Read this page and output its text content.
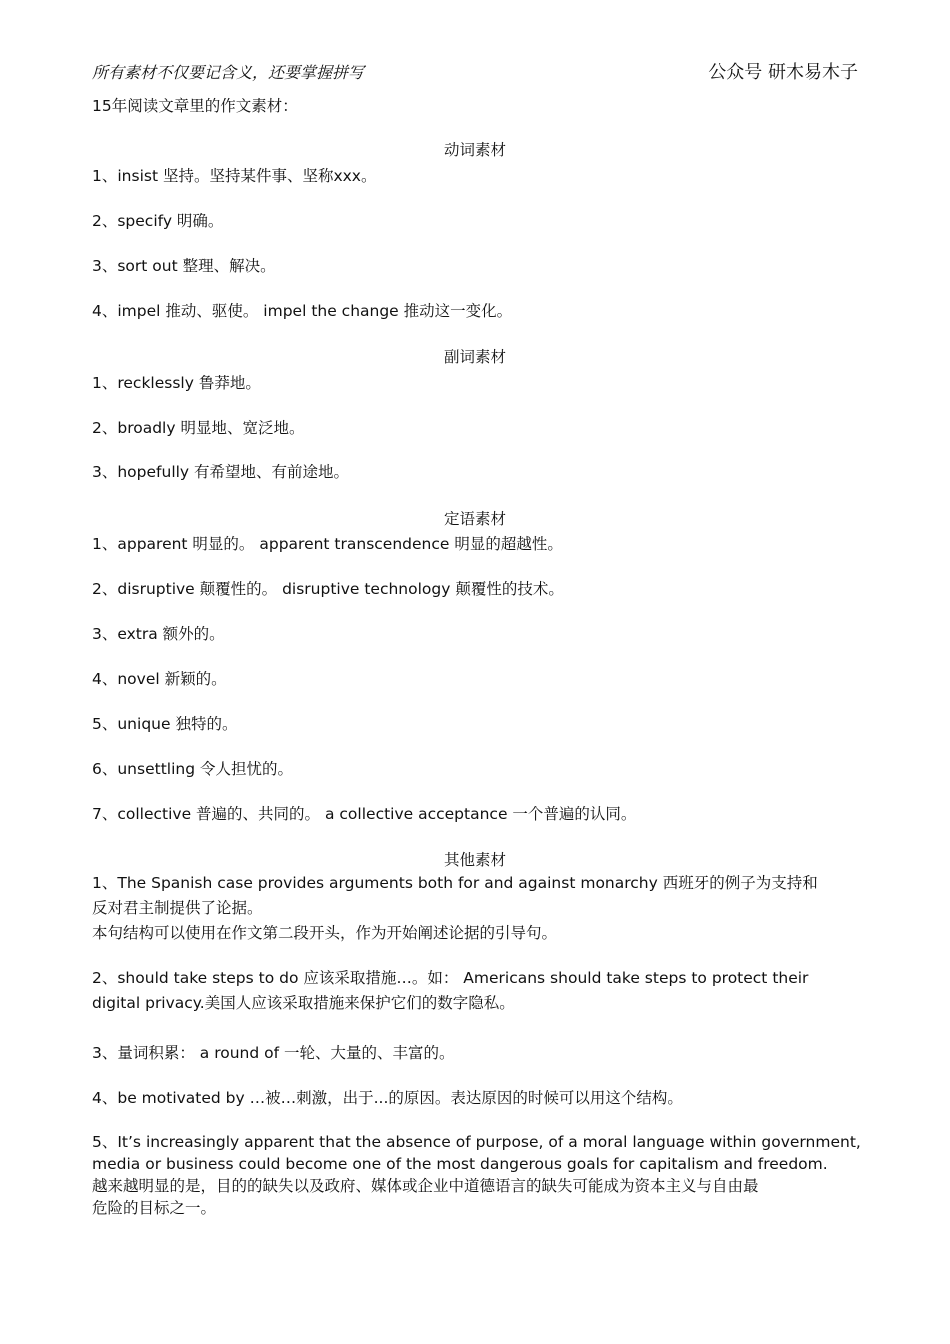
所有素材不仅要记含义，还要掌握拼写	公众号 研木易木子
15年阅读文章里的作文素材：
动词素材
1、insist 坚持。坚持某件事、坚称xxx。
2、specify 明确。
3、sort out 整理、解决。
4、impel 推动、驱使。 impel the change 推动这一变化。
副词素材
1、recklessly 鲁莽地。
2、broadly 明显地、宽泛地。
3、hopefully 有希望地、有前途地。
定语素材
1、apparent 明显的。 apparent transcendence 明显的超越性。
2、disruptive 颠覆性的。 disruptive technology 颠覆性的技术。
3、extra 额外的。
4、novel 新颖的。
5、unique 独特的。
6、unsettling 令人担忧的。
7、collective 普遍的、共同的。 a collective acceptance 一个普遍的认同。
其他素材
1、The Spanish case provides arguments both for and against monarchy 西班牙的例子为支持和
反对君主制提供了论据。
本句结构可以使用在作文第二段开头，作为开始阐述论据的引导句。
2、should take steps to do 应该采取措施…。如： Americans should take steps to protect their
digital privacy.美国人应该采取措施来保护它们的数字隐私。
3、量词积累： a round of 一轮、大量的、丰富的。
4、be motivated by …被…刺激，出于...的原因。表达原因的时候可以用这个结构。
5、It’s increasingly apparent that the absence of purpose, of a moral language within government,
media or business could become one of the most dangerous goals for capitalism and freedom.
越来越明显的是，目的的缺失以及政府、媒体或企业中道德语言的缺失可能成为资本主义与自由最
危险的目标之一。
